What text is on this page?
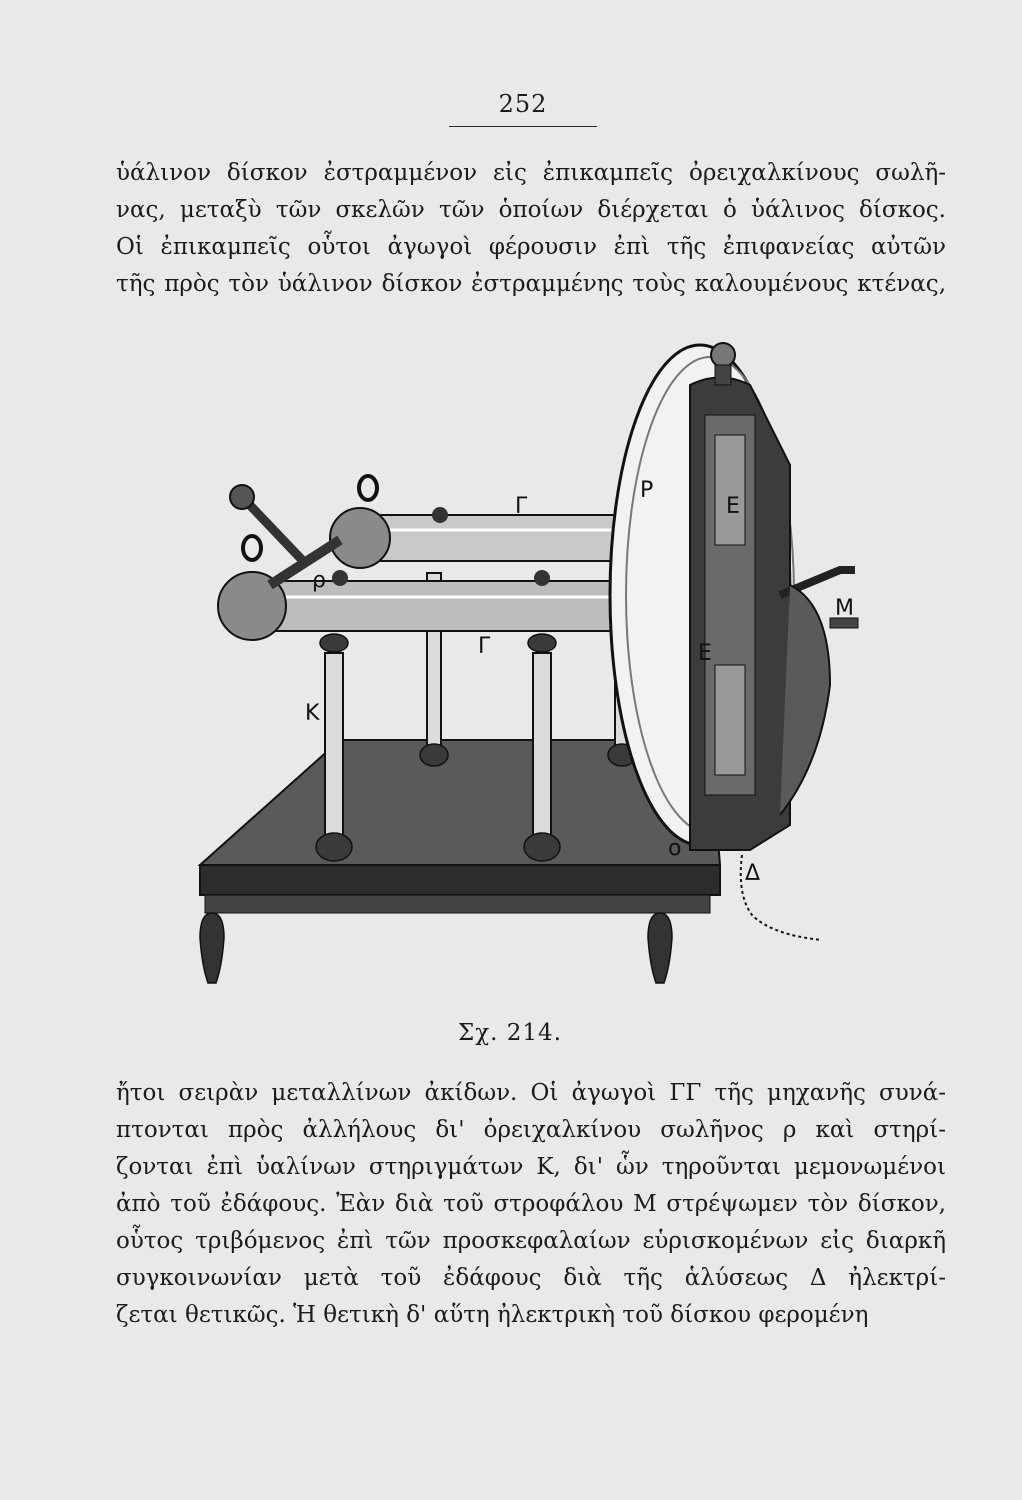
252
ὑάλινον δίσκον ἐστραμμένον εἰς ἐπικαμπεῖς ὀρειχαλκίνους σωλῆ-
νας, μεταξὺ τῶν σκελῶν τῶν ὁποίων διέρχεται ὁ ὑάλινος δίσκος.
Οἱ ἐπικαμπεῖς οὗτοι ἀγωγοὶ φέρουσιν ἐπὶ τῆς ἐπιφανείας αὐτῶν
τῆς πρὸς τὸν ὑάλινον δίσκον ἐστραμμένης τοὺς καλουμένους κτένας,
Γ
Ρ
ρ
Ε
Ε
Γ
Κ
Μ
Δ
ο
Σχ. 214.
ἤτοι σειρὰν μεταλλίνων ἀκίδων. Οἱ ἀγωγοὶ ΓΓ τῆς μηχανῆς συνά-
πτονται πρὸς ἀλλήλους δι' ὀρειχαλκίνου σωλῆνος ρ καὶ στηρί-
ζονται ἐπὶ ὑαλίνων στηριγμάτων Κ, δι' ὧν τηροῦνται μεμονωμένοι
ἀπὸ τοῦ ἐδάφους. Ἐὰν διὰ τοῦ στροφάλου Μ στρέψωμεν τὸν δίσκον,
οὗτος τριβόμενος ἐπὶ τῶν προσκεφαλαίων εὑρισκομένων εἰς διαρκῆ
συγκοινωνίαν μετὰ τοῦ ἐδάφους διὰ τῆς ἁλύσεως Δ ἠλεκτρί-
ζεται θετικῶς. Ἡ θετικὴ δ' αὕτη ἠλεκτρικὴ τοῦ δίσκου φερομένη
